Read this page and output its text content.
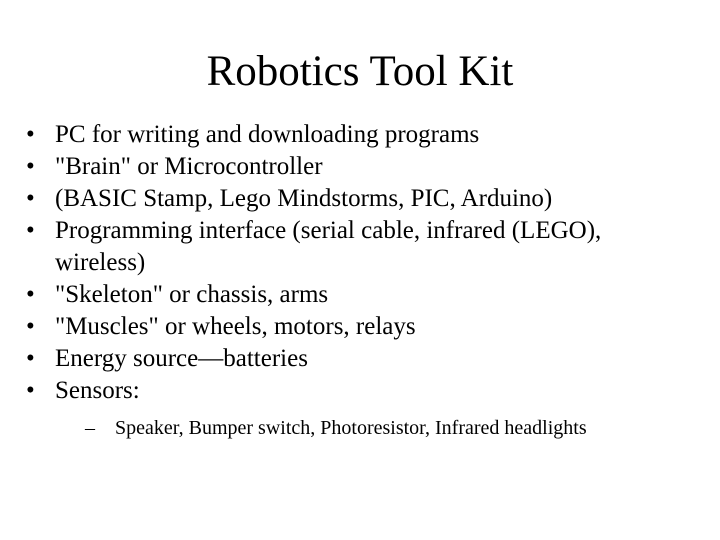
Robotics Tool Kit
• PC for writing and downloading programs
• "Brain" or Microcontroller
• (BASIC Stamp, Lego Mindstorms, PIC, Arduino)
• Programming interface (serial cable, infrared (LEGO), wireless)
• "Skeleton" or chassis, arms
• "Muscles" or wheels, motors, relays
• Energy source—batteries
• Sensors:
– Speaker, Bumper switch, Photoresistor, Infrared headlights
